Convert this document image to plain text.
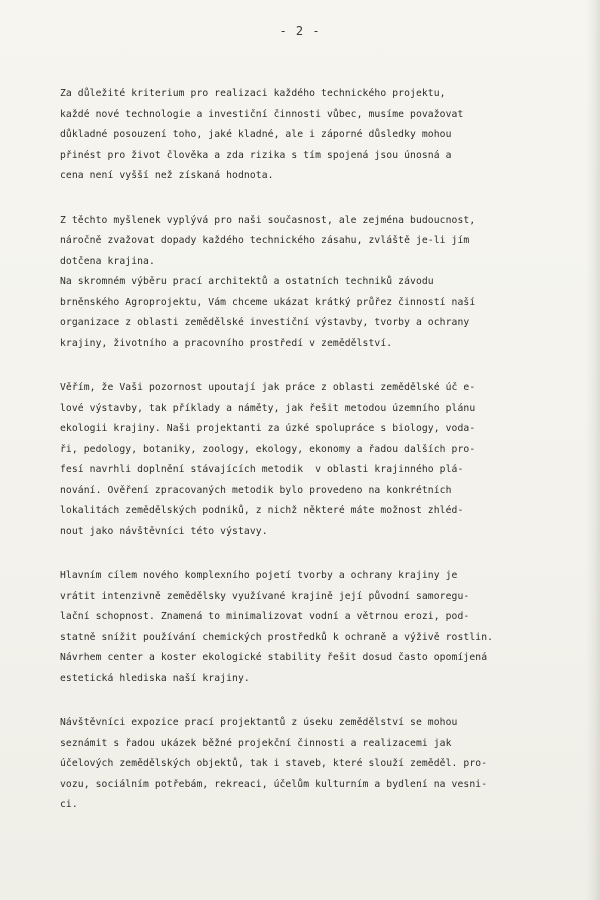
- 2 -
Za důležité kriterium pro realizaci každého technického projektu,
každé nové technologie a investiční činnosti vůbec, musíme považovat
důkladné posouzení toho, jaké kladné, ale i záporné důsledky mohou
přinést pro život člověka a zda rizika s tím spojená jsou únosná a
cena není vyšší než získaná hodnota.
Z těchto myšlenek vyplývá pro naši současnost, ale zejména budoucnost,
náročně zvažovat dopady každého technického zásahu, zvláště je-li jím
dotčena krajina.
Na skromném výběru prací architektů a ostatních techniků závodu
brněnského Agroprojektu, Vám chceme ukázat krátký průřez činností naší
organizace z oblasti zemědělské investiční výstavby, tvorby a ochrany
krajiny, životního a pracovního prostředí v zemědělství.
Věřím, že Vaši pozornost upoutají jak práce z oblasti zemědělské úč e-
lové výstavby, tak příklady a náměty, jak řešit metodou územního plánu
ekologii krajiny. Naši projektanti za úzké spolupráce s biology, voda-
ři, pedology, botaniky, zoology, ekology, ekonomy a řadou dalších pro-
fesí navrhli doplnění stávajících metodik  v oblasti krajinného plá-
nování. Ověření zpracovaných metodik bylo provedeno na konkrétních
lokalitách zemědělských podniků, z nichž některé máte možnost zhléd-
nout jako návštěvníci této výstavy.
Hlavním cílem nového komplexního pojetí tvorby a ochrany krajiny je
vrátit intenzivně zemědělsky využívané krajině její původní samoregu-
lační schopnost. Znamená to minimalizovat vodní a větrnou erozi, pod-
statně snížit používání chemických prostředků k ochraně a výživě rostlin.
Návrhem center a koster ekologické stability řešit dosud často opomíjená
estetická hlediska naší krajiny.
Návštěvníci expozice prací projektantů z úseku zemědělství se mohou
seznámit s řadou ukázek běžné projekční činnosti a realizacemi jak
účelových zemědělských objektů, tak i staveb, které slouží zeměděl. pro-
vozu, sociálním potřebám, rekreaci, účelům kulturním a bydlení na vesni-
ci.
